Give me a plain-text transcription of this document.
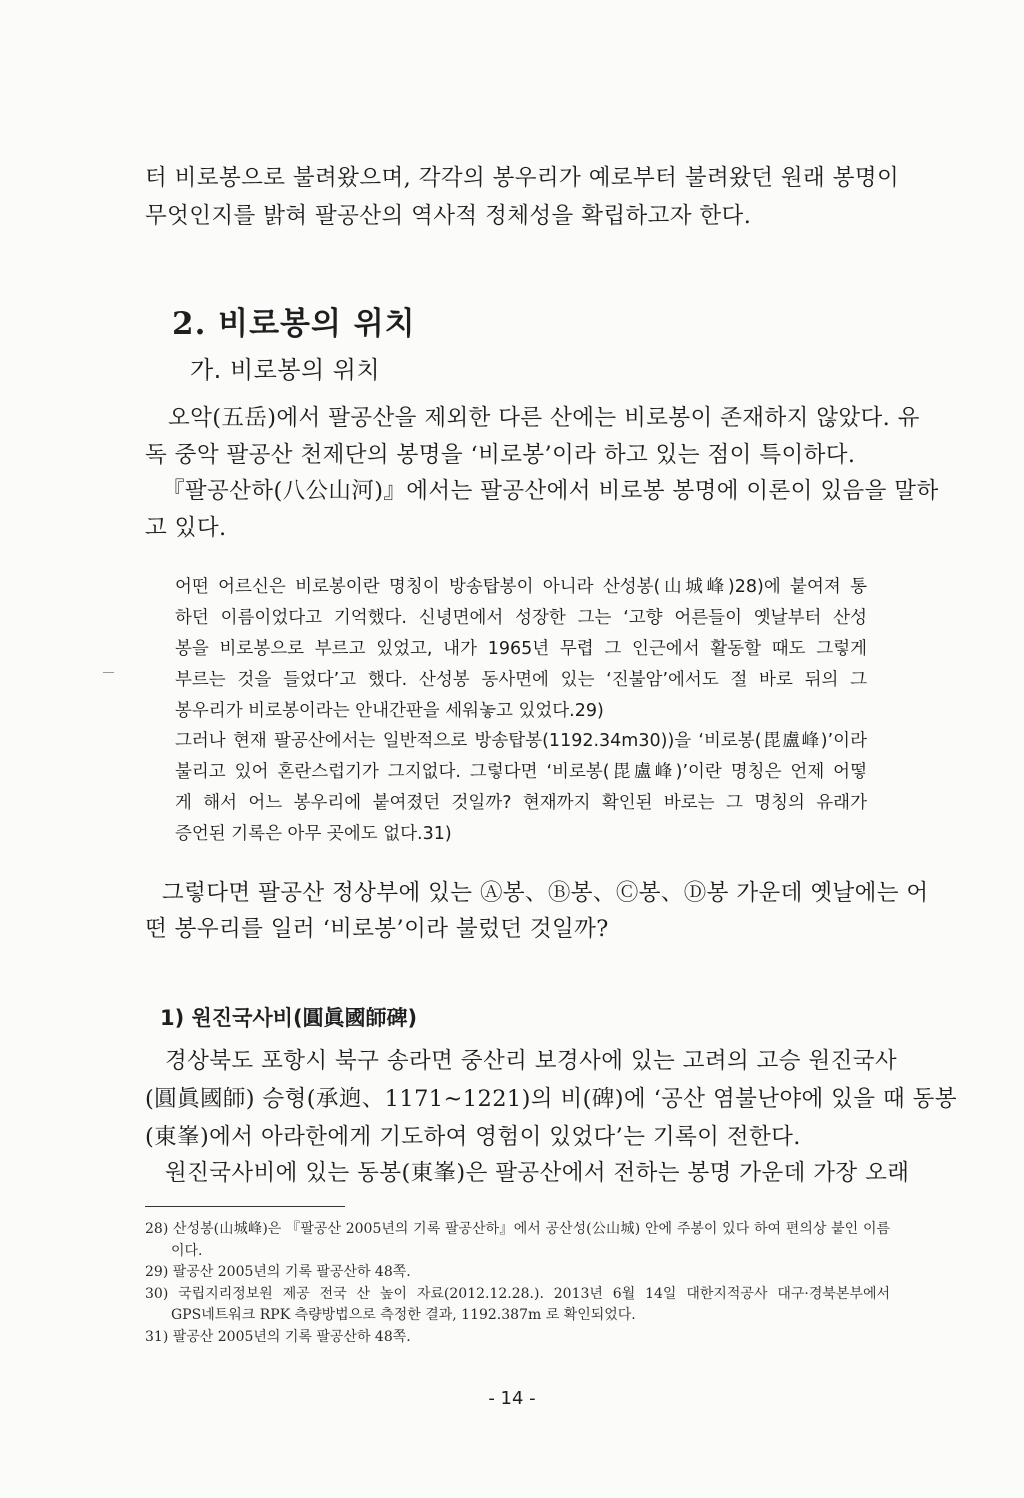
터 비로봉으로 불려왔으며, 각각의 봉우리가 예로부터 불려왔던 원래 봉명이
무엇인지를 밝혀 팔공산의 역사적 정체성을 확립하고자 한다.
2. 비로봉의 위치
가. 비로봉의 위치
오악(五岳)에서 팔공산을 제외한 다른 산에는 비로봉이 존재하지 않았다. 유
독 중악 팔공산 천제단의 봉명을 ‘비로봉’이라 하고 있는 점이 특이하다.
『팔공산하(八公山河)』에서는 팔공산에서 비로봉 봉명에 이론이 있음을 말하
고 있다.
어떤 어르신은 비로봉이란 명칭이 방송탑봉이 아니라 산성봉(山城峰)28)에 붙여져 통
하던 이름이었다고 기억했다. 신녕면에서 성장한 그는 ‘고향 어른들이 옛날부터 산성
봉을 비로봉으로 부르고 있었고, 내가 1965년 무렵 그 인근에서 활동할 때도 그렇게
부르는 것을 들었다’고 했다. 산성봉 동사면에 있는 ‘진불암’에서도 절 바로 뒤의 그
봉우리가 비로봉이라는 안내간판을 세워놓고 있었다.29)
그러나 현재 팔공산에서는 일반적으로 방송탑봉(1192.34m30))을 ‘비로봉(毘盧峰)’이라
불리고 있어 혼란스럽기가 그지없다. 그렇다면 ‘비로봉(毘盧峰)’이란 명칭은 언제 어떻
게 해서 어느 봉우리에 붙여졌던 것일까? 현재까지 확인된 바로는 그 명칭의 유래가
증언된 기록은 아무 곳에도 없다.31)
그렇다면 팔공산 정상부에 있는 Ⓐ봉、Ⓑ봉、Ⓒ봉、Ⓓ봉 가운데 옛날에는 어
떤 봉우리를 일러 ‘비로봉’이라 불렀던 것일까?
1) 원진국사비(圓眞國師碑)
경상북도 포항시 북구 송라면 중산리 보경사에 있는 고려의 고승 원진국사
(圓眞國師) 승형(承逈、1171~1221)의 비(碑)에 ‘공산 염불난야에 있을 때 동봉
(東峯)에서 아라한에게 기도하여 영험이 있었다’는 기록이 전한다.
원진국사비에 있는 동봉(東峯)은 팔공산에서 전하는 봉명 가운데 가장 오래
28) 산성봉(山城峰)은 『팔공산 2005년의 기록 팔공산하』에서 공산성(公山城) 안에 주봉이 있다 하여 편의상 붙인 이름
이다.
29) 팔공산 2005년의 기록 팔공산하 48쪽.
30) 국립지리정보원 제공 전국 산 높이 자료(2012.12.28.). 2013년 6월 14일 대한지적공사 대구·경북본부에서
GPS네트워크 RPK 측량방법으로 측정한 결과, 1192.387m 로 확인되었다.
31) 팔공산 2005년의 기록 팔공산하 48쪽.
- 14 -
